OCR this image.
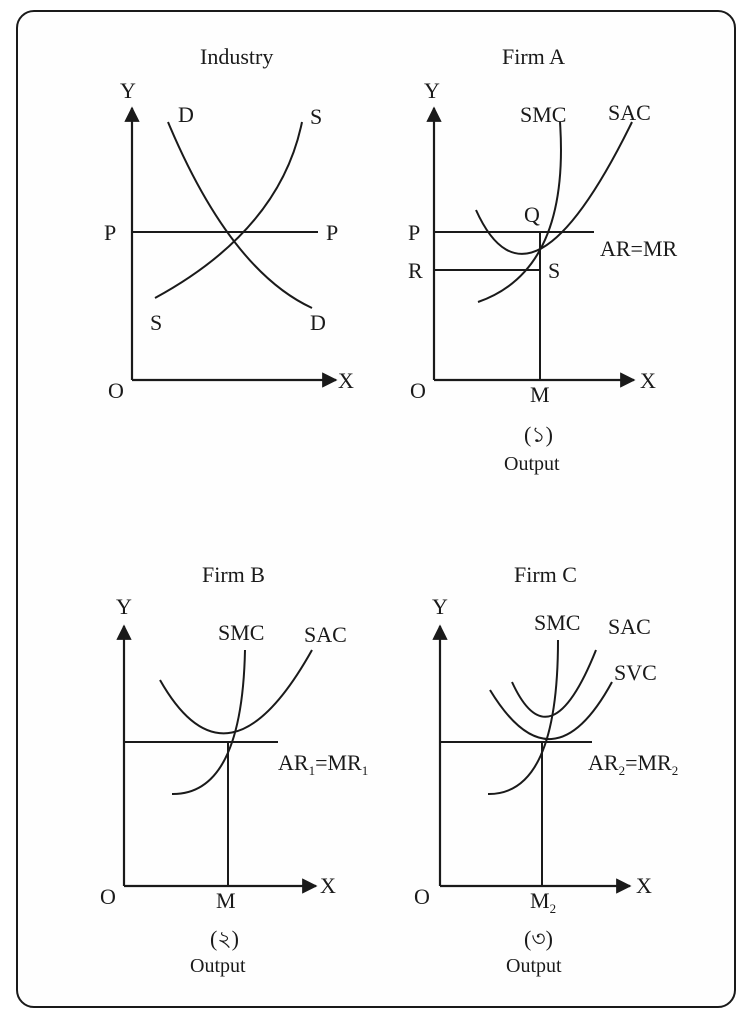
Industry
Y
X
O
D
D
S
S
P	P
Firm A
Y
X
O
SMC SAC
Q
S
P
R
AR=MR
M
(১)
Output
Firm B
Y
X
O
SMC SAC
$AR_1=MR_1$
M
(২)
Output
Firm C
Y
X
O
SMC SAC
SVC
$AR_2=MR_2$
$M_2$
(৩)
Output
